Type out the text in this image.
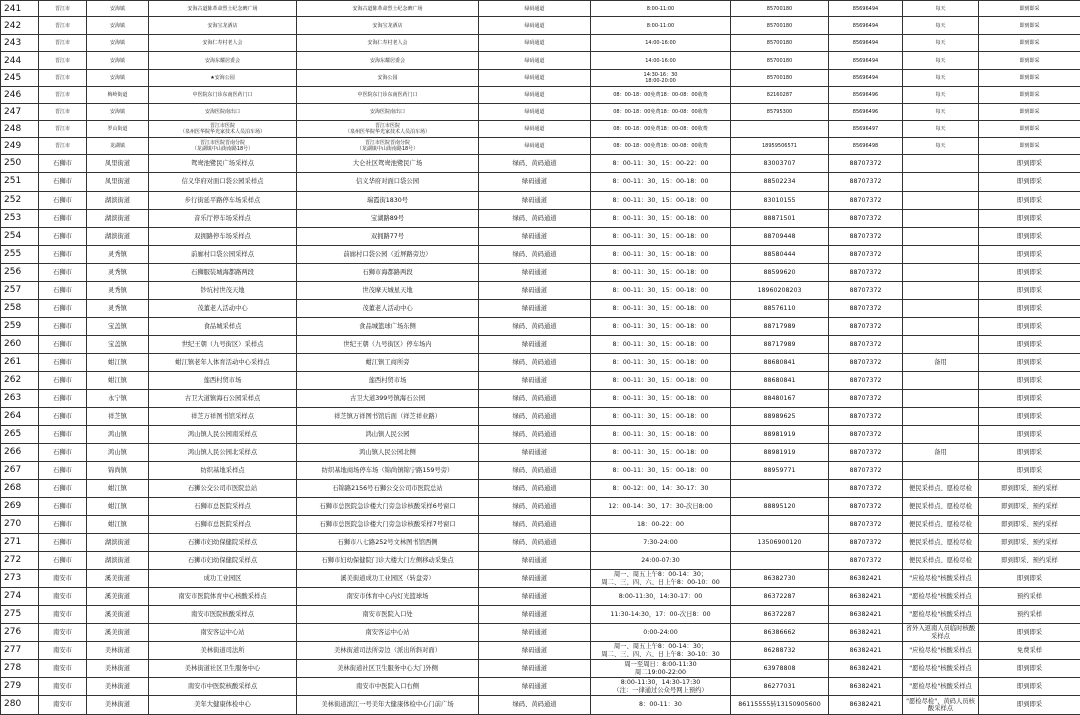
241	晋江市	安海镇	安海古道陈革命烈士纪念碑广场	安海古道陈革命烈士纪念碑广场	绿码通道	8:00-11:00	85700180	85696494	每天	即到即采
242	晋江市	安海镇	安海宝龙酒店	安海宝龙酒店	绿码通道	8:00-11:00	85700180	85696494	每天	即到即采
243	晋江市	安海镇	安海仁寿村老人会	安海仁寿村老人会	绿码通道	14:00-16:00	85700180	85696494	每天	即到即采
244	晋江市	安海镇	安海东耀居委会	安海东耀居委会	绿码通道	14:00-16:00	85700180	85696494	每天	即到即采
245	晋江市	安海镇	★安海公园	安海公园	绿码通道	14:30-16：30
18:00-20:00	85700180	85696494	每天	即到即采
246	晋江市	梅岭街道	中医院东门诊东南医药门口	中医院东门诊东南医药门口	绿码通道	08：00-18：00免费18：00-08：00收费	82160287	85696496	每天	即到即采
247	晋江市	安海镇	安海医院南出口	安海医院南出口	绿码通道	08：00-18：00免费18：00-08：00收费	85795300	85696496	每天	即到即采
248	晋江市	罗山街道	晋江市医院
（泉州医华院华光家技术人员泊车场）	晋江市医院
（泉州医华院华光家技术人员泊车场）	绿码通道	08：00-18：00免费18：00-08：00收费		85696497	每天	即到即采
249	晋江市	龙湖镇	晋江市医院晋南分院
（龙湖镇中山街南路18号）	晋江市医院晋南分院
（龙湖镇中山街南路18号）	绿码通道	08：00-18：00免费18：00-08：00收费	18959506571	85696498	每天	即到即采
250	石狮市	凤里街道	鸳鸯池鹭民广场采样点	大仑社区鸳鸯池鹭民广场	绿码、黄码通道	8：00-11：30、15：00-22：00	83003707	88707372		即到即采
251	石狮市	凤里街道	信义华府对面口袋公园采样点	信义华府对面口袋公园	绿码通道	8：00-11：30、15：00-18：00	88502234	88707372		即到即采
252	石狮市	湖滨街道	步行街延平路停车场采样点	瑞霞街1830号	绿码通道	8：00-11：30、15：00-18：00	83010155	88707372		即到即采
253	石狮市	湖滨街道	音乐厅停车场采样点	宝湖路89号	绿码、黄码通道	8：00-11：30、15：00-18：00	88871501	88707372		即到即采
254	石狮市	湖滨街道	双拥路停车场采样点	双拥路77号	绿码通道	8：00-11：30、15：00-18：00	88709448	88707372		即到即采
255	石狮市	灵秀镇	前廊村口袋公园采样点	前廊村口袋公园（近屏路旁边）	绿码、黄码通道	8：00-11：30、15：00-18：00	88580444	88707372		即到即采
256	石狮市	灵秀镇	石狮服装城海都路两段	石狮市海都路两段	绿码通道	8：00-11：30、15：00-18：00	88599620	88707372		即到即采
257	石狮市	灵秀镇	钞坑村世茂天地	世茂摩天城星天地	绿码通道	8：00-11：30、15：00-18：00	18960208203	88707372		即到即采
258	石狮市	灵秀镇	茂董老人活动中心	茂董老人活动中心	绿码通道	8：00-11：30、15：00-18：00	88576110	88707372		即到即采
259	石狮市	宝盖镇	食品城采样点	食品城篮球广场东侧	绿码、黄码通道	8：00-11：30、15：00-18：00	88717989	88707372		即到即采
260	石狮市	宝盖镇	世纪王朝（九号街区）采样点	世纪王朝（九号街区）停车场内	绿码通道	8：00-11：30、15：00-18：00	88717989	88707372		即到即采
261	石狮市	蚶江镇	蚶江镇老年人体育活动中心采样点	蚶江镇工商所旁	绿码、黄码通道	8：00-11：30、15：00-18：00	88680841	88707372	备用	即到即采
262	石狮市	蚶江镇	莲西村贸市场	莲西村贸市场	绿码通道	8：00-11：30、15：00-18：00	88680841	88707372		即到即采
263	石狮市	永宁镇	古卫大道镇海石公园采样点	古卫大道399号镇海石公园	绿码、黄码通道	8：00-11：30、15：00-18：00	88480167	88707372		即到即采
264	石狮市	祥芝镇	祥芝万祥图书馆采样点	祥芝镇万祥图书馆后面（祥芝祥业路）	绿码、黄码通道	8：00-11：30、15：00-18：00	88989625	88707372		即到即采
265	石狮市	鸿山镇	鸿山镇人民公园南采样点	鸿山镇人民公园	绿码、黄码通道	8：00-11：30、15：00-18：00	88981919	88707372		即到即采
266	石狮市	鸿山镇	鸿山镇人民公园北采样点	鸿山镇人民公园北侧	绿码通道	8：00-11：30、15：00-18：00	88981919	88707372	备用	即到即采
267	石狮市	锦尚镇	纺织基地采样点	纺织基地商场停车场（锦尚镇锦宁路159号旁）	绿码、黄码通道	8：00-11：30、15：00-18：00	88959771	88707372		即到即采
268	石狮市	蚶江镇	石狮公交公司市医院总站	石锦路2156号石狮公交公司市医院总站	绿码、黄码通道	8：00-12：00、14：30-17：30		88707372	便民采样点、愿检尽检	即到即采、预约采样
269	石狮市	蚶江镇	石狮市总医院采样点	石狮市总医院急诊楼大门旁急诊核酸采样6号窗口	绿码、黄码通道	12：00-14：30、17：30-次日8:00	88895120	88707372	便民采样点、愿检尽检	即到即采、预约采样
270	石狮市	蚶江镇	石狮市总医院采样点	石狮市总医院急诊楼大门旁急诊核酸采样7号窗口	绿码、黄码通道	18：00-22：00		88707372	便民采样点、愿检尽检	即到即采、预约采样
271	石狮市	湖滨街道	石狮市妇幼保健院采样点	石狮市八七路252号文林图书馆西侧	绿码、黄码通道	7:30-24:00	13506900120	88707372	便民采样点、愿检尽检	即到即采、预约采样
272	石狮市	湖滨街道	石狮市妇幼保健院采样点	石狮市妇幼保健院门诊大楼大门左侧移动采集点	绿码通道	24:00-07:30		88707372	便民采样点、愿检尽检	即到即采、预约采样
273	南安市	溪美街道	成功工业园区	溪美街道成功工业园区（转盘旁）	绿码通道	周一、周五上午8：00-14：30；
周二、三、四、六、日上午8：00-10：00	86382730	86382421	"应检尽检"核酸采样点	即到即采
274	南安市	溪美街道	南安市医院体育中心核酸采样点	南安市体育中心内灯光篮球场	绿码通道	8:00-11:30，14:30-17：00	86372287	86382421	"愿检尽检"核酸采样点	预约采样
275	南安市	溪美街道	南安市医院核酸采样点	南安市医院入口处	绿码通道	11:30-14:30，17：00-次日8：00	86372287	86382421	"愿检尽检"核酸采样点	预约采样
276	南安市	溪美街道	南安客运中心站	南安客运中心站	绿码通道	0:00-24:00	86386662	86382421	省外入返南人员临时核酸采样点	即到即采
277	南安市	美林街道	美林街道司法所	美林街道司法所旁边（派出所斜对面）	绿码通道	周一、周五上午8：00-14：30；
周二、三、四、六、日上午8：30-10：30	86288732	86382421	"应检尽检"核酸采样点	免费采样
278	南安市	美林街道	美林街道社区卫生服务中心	美林街道社区卫生服务中心大门外侧	绿码通道	周一至周日：8:00-11:30
周二19:00-22:00	63978808	86382421	"愿检尽检"核酸采样点	即到即采
279	南安市	美林街道	南安市中医院核酸采样点	南安市中医院入口右侧	绿码通道	8:00-11:30，14:30-17:30
（注：一律通过公众号网上预约）	86277031	86382421	"愿检尽检"核酸采样点	即到即采
280	南安市	美林街道	美年大健康体检中心	美林街道滨江一号美年大健康体检中心门前广场	绿码、黄码通道	8：00-11：30	86115555转13150905600	86382421	"愿检尽检"、黄码人员核酸采样点	即到即采
